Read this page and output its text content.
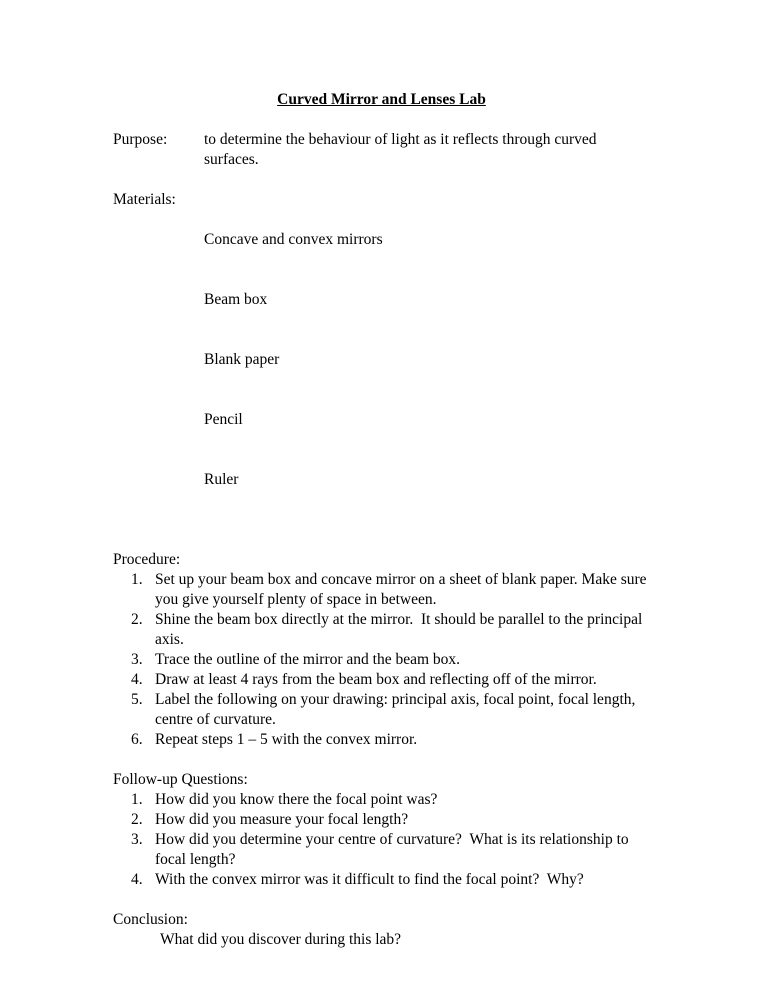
Curved Mirror and Lenses Lab
Purpose:	to determine the behaviour of light as it reflects through curved surfaces.
Materials:

Concave and convex mirrors

Beam box

Blank paper

Pencil

Ruler

Procedure:
1. Set up your beam box and concave mirror on a sheet of blank paper. Make sure you give yourself plenty of space in between.
2. Shine the beam box directly at the mirror.  It should be parallel to the principal axis.
3. Trace the outline of the mirror and the beam box.
4. Draw at least 4 rays from the beam box and reflecting off of the mirror.
5. Label the following on your drawing: principal axis, focal point, focal length, centre of curvature.
6. Repeat steps 1 – 5 with the convex mirror.
Follow-up Questions:
1. How did you know there the focal point was?
2. How did you measure your focal length?
3. How did you determine your centre of curvature?  What is its relationship to focal length?
4. With the convex mirror was it difficult to find the focal point?  Why?
Conclusion:
What did you discover during this lab?
